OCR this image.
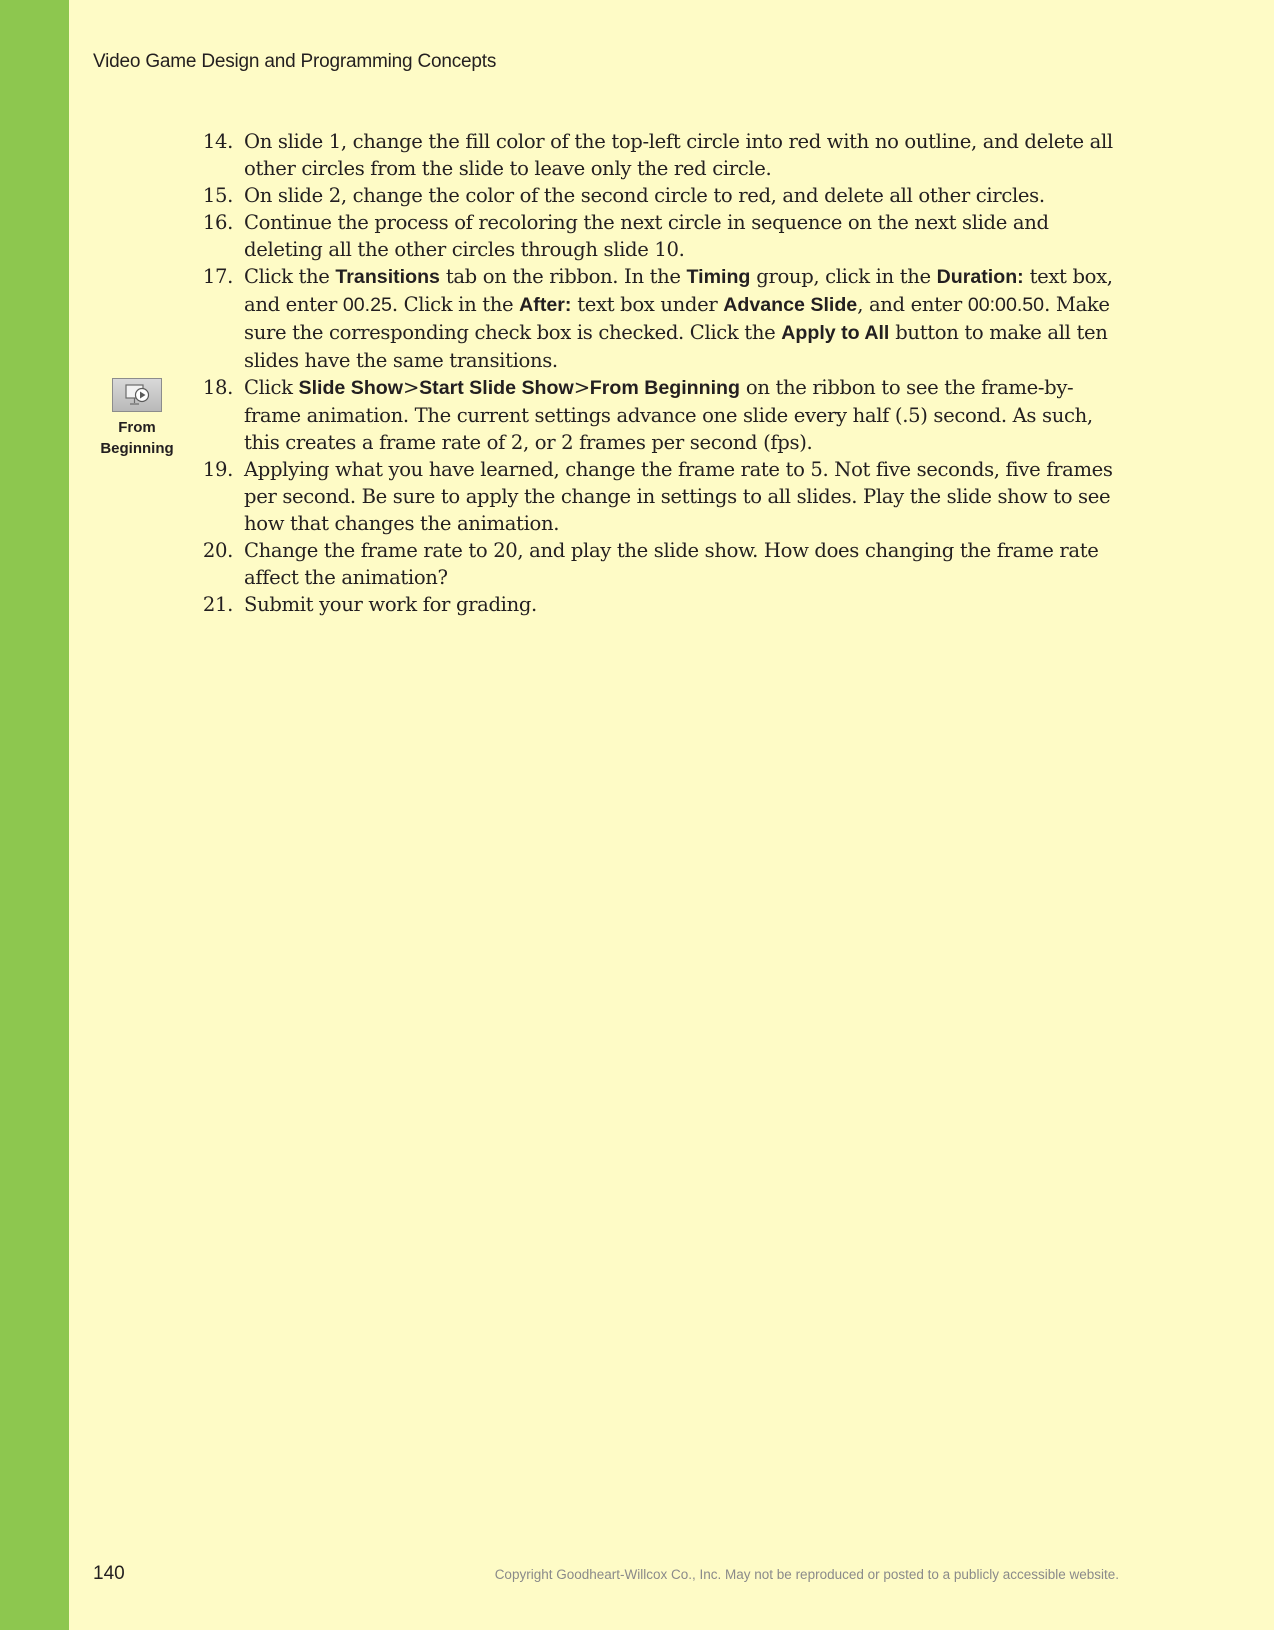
Video Game Design and Programming Concepts
From
Beginning
14. On slide 1, change the fill color of the top-left circle into red with no outline, and delete all other circles from the slide to leave only the red circle.
15. On slide 2, change the color of the second circle to red, and delete all other circles.
16. Continue the process of recoloring the next circle in sequence on the next slide and deleting all the other circles through slide 10.
17. Click the Transitions tab on the ribbon. In the Timing group, click in the Duration: text box, and enter 00.25. Click in the After: text box under Advance Slide, and enter 00:00.50. Make sure the corresponding check box is checked. Click the Apply to All button to make all ten slides have the same transitions.
18. Click Slide Show>Start Slide Show>From Beginning on the ribbon to see the frame-by-frame animation. The current settings advance one slide every half (.5) second. As such, this creates a frame rate of 2, or 2 frames per second (fps).
19. Applying what you have learned, change the frame rate to 5. Not five seconds, five frames per second. Be sure to apply the change in settings to all slides. Play the slide show to see how that changes the animation.
20. Change the frame rate to 20, and play the slide show. How does changing the frame rate affect the animation?
21. Submit your work for grading.
140	Copyright Goodheart-Willcox Co., Inc. May not be reproduced or posted to a publicly accessible website.
